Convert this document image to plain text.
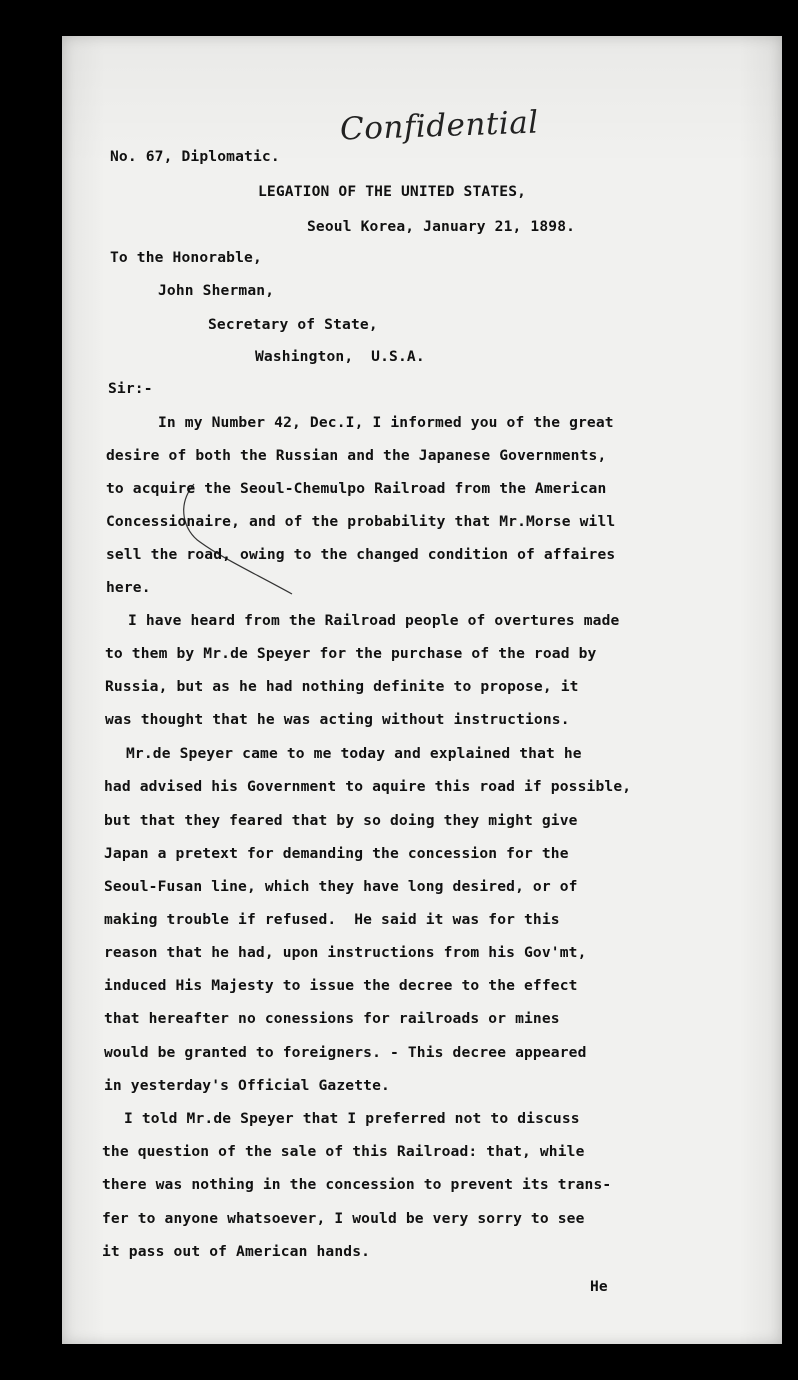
Confidential
No. 67, Diplomatic.
LEGATION OF THE UNITED STATES,
Seoul Korea, January 21, 1898.
To the Honorable,
John Sherman,
Secretary of State,
Washington,  U.S.A.
Sir:-
In my Number 42, Dec.I, I informed you of the great
desire of both the Russian and the Japanese Governments,
to acquire the Seoul-Chemulpo Railroad from the American
Concessionaire, and of the probability that Mr.Morse will
sell the road, owing to the changed condition of affaires
here.
I have heard from the Railroad people of overtures made
to them by Mr.de Speyer for the purchase of the road by
Russia, but as he had nothing definite to propose, it
was thought that he was acting without instructions.
Mr.de Speyer came to me today and explained that he
had advised his Government to aquire this road if possible,
but that they feared that by so doing they might give
Japan a pretext for demanding the concession for the
Seoul-Fusan line, which they have long desired, or of
making trouble if refused.  He said it was for this
reason that he had, upon instructions from his Gov'mt,
induced His Majesty to issue the decree to the effect
that hereafter no conessions for railroads or mines
would be granted to foreigners. - This decree appeared
in yesterday's Official Gazette.
I told Mr.de Speyer that I preferred not to discuss
the question of the sale of this Railroad: that, while
there was nothing in the concession to prevent its trans-
fer to anyone whatsoever, I would be very sorry to see
it pass out of American hands.
He
